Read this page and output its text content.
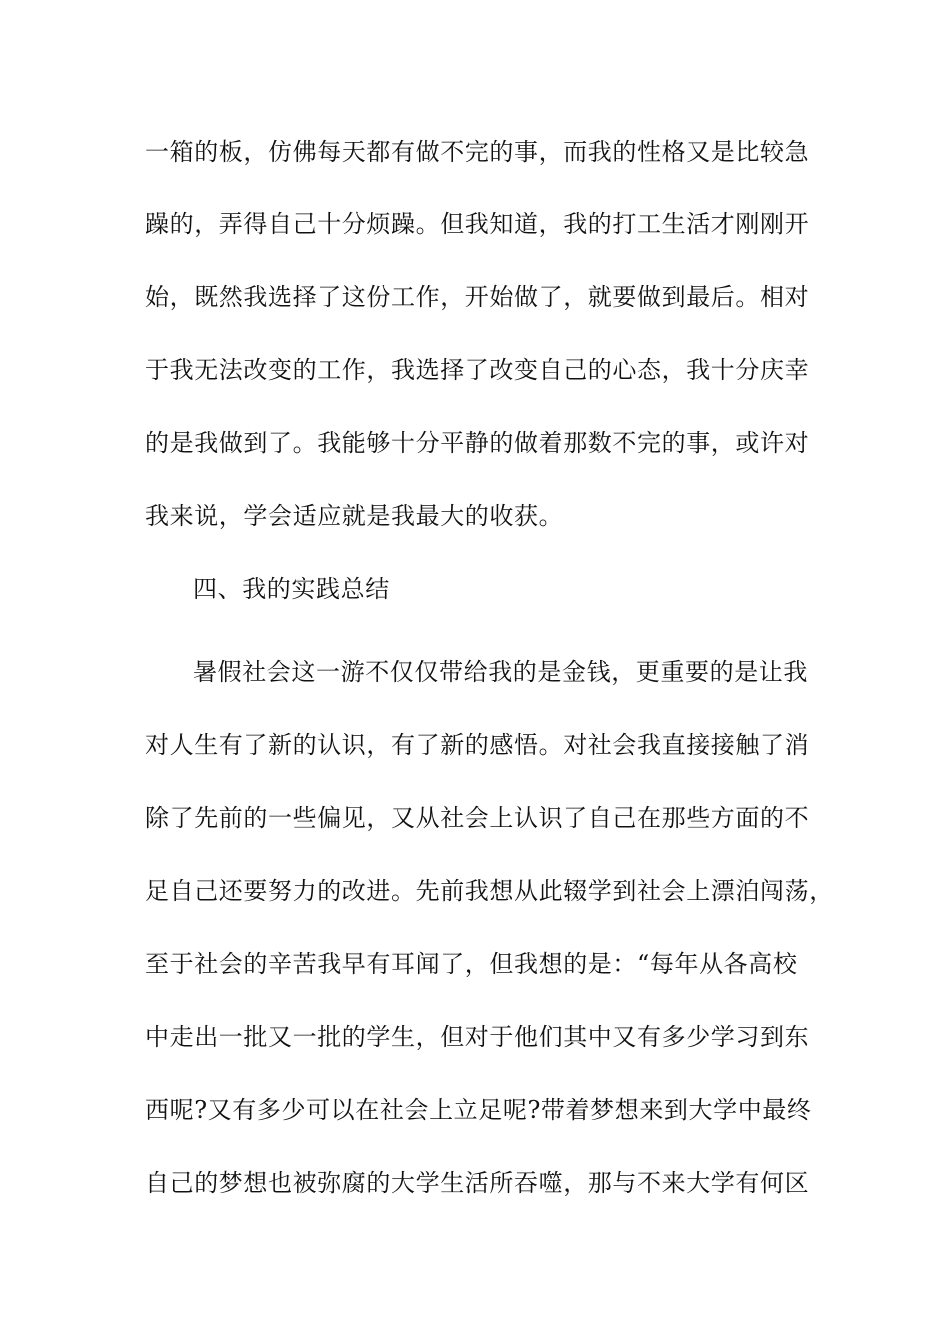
一箱的板，仿佛每天都有做不完的事，而我的性格又是比较急

躁的，弄得自己十分烦躁。但我知道，我的打工生活才刚刚开

始，既然我选择了这份工作，开始做了，就要做到最后。相对

于我无法改变的工作，我选择了改变自己的心态，我十分庆幸

的是我做到了。我能够十分平静的做着那数不完的事，或许对

我来说，学会适应就是我最大的收获。

四、我的实践总结

暑假社会这一游不仅仅带给我的是金钱，更重要的是让我

对人生有了新的认识，有了新的感悟。对社会我直接接触了消

除了先前的一些偏见，又从社会上认识了自己在那些方面的不

足自己还要努力的改进。先前我想从此辍学到社会上漂泊闯荡，

至于社会的辛苦我早有耳闻了，但我想的是：“每年从各高校

中走出一批又一批的学生，但对于他们其中又有多少学习到东

西呢?又有多少可以在社会上立足呢?带着梦想来到大学中最终

自己的梦想也被弥腐的大学生活所吞噬，那与不来大学有何区
